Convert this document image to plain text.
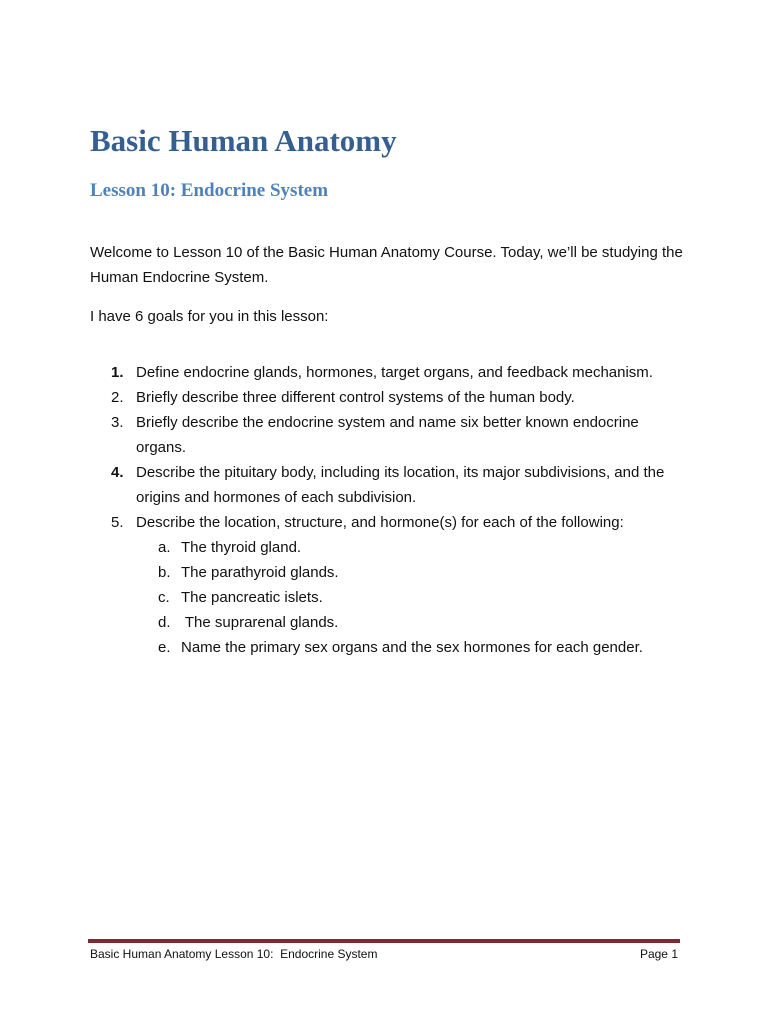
Basic Human Anatomy
Lesson 10: Endocrine System

Welcome to Lesson 10 of the Basic Human Anatomy Course. Today, we’ll be studying the Human Endocrine System.

I have 6 goals for you in this lesson:

1. Define endocrine glands, hormones, target organs, and feedback mechanism.
2. Briefly describe three different control systems of the human body.
3. Briefly describe the endocrine system and name six better known endocrine organs.
4. Describe the pituitary body, including its location, its major subdivisions, and the origins and hormones of each subdivision.
5. Describe the location, structure, and hormone(s) for each of the following:
a. The thyroid gland.
b. The parathyroid glands.
c. The pancreatic islets.
d. The suprarenal glands.
e. Name the primary sex organs and the sex hormones for each gender.
Basic Human Anatomy Lesson 10:  Endocrine System	Page 1
